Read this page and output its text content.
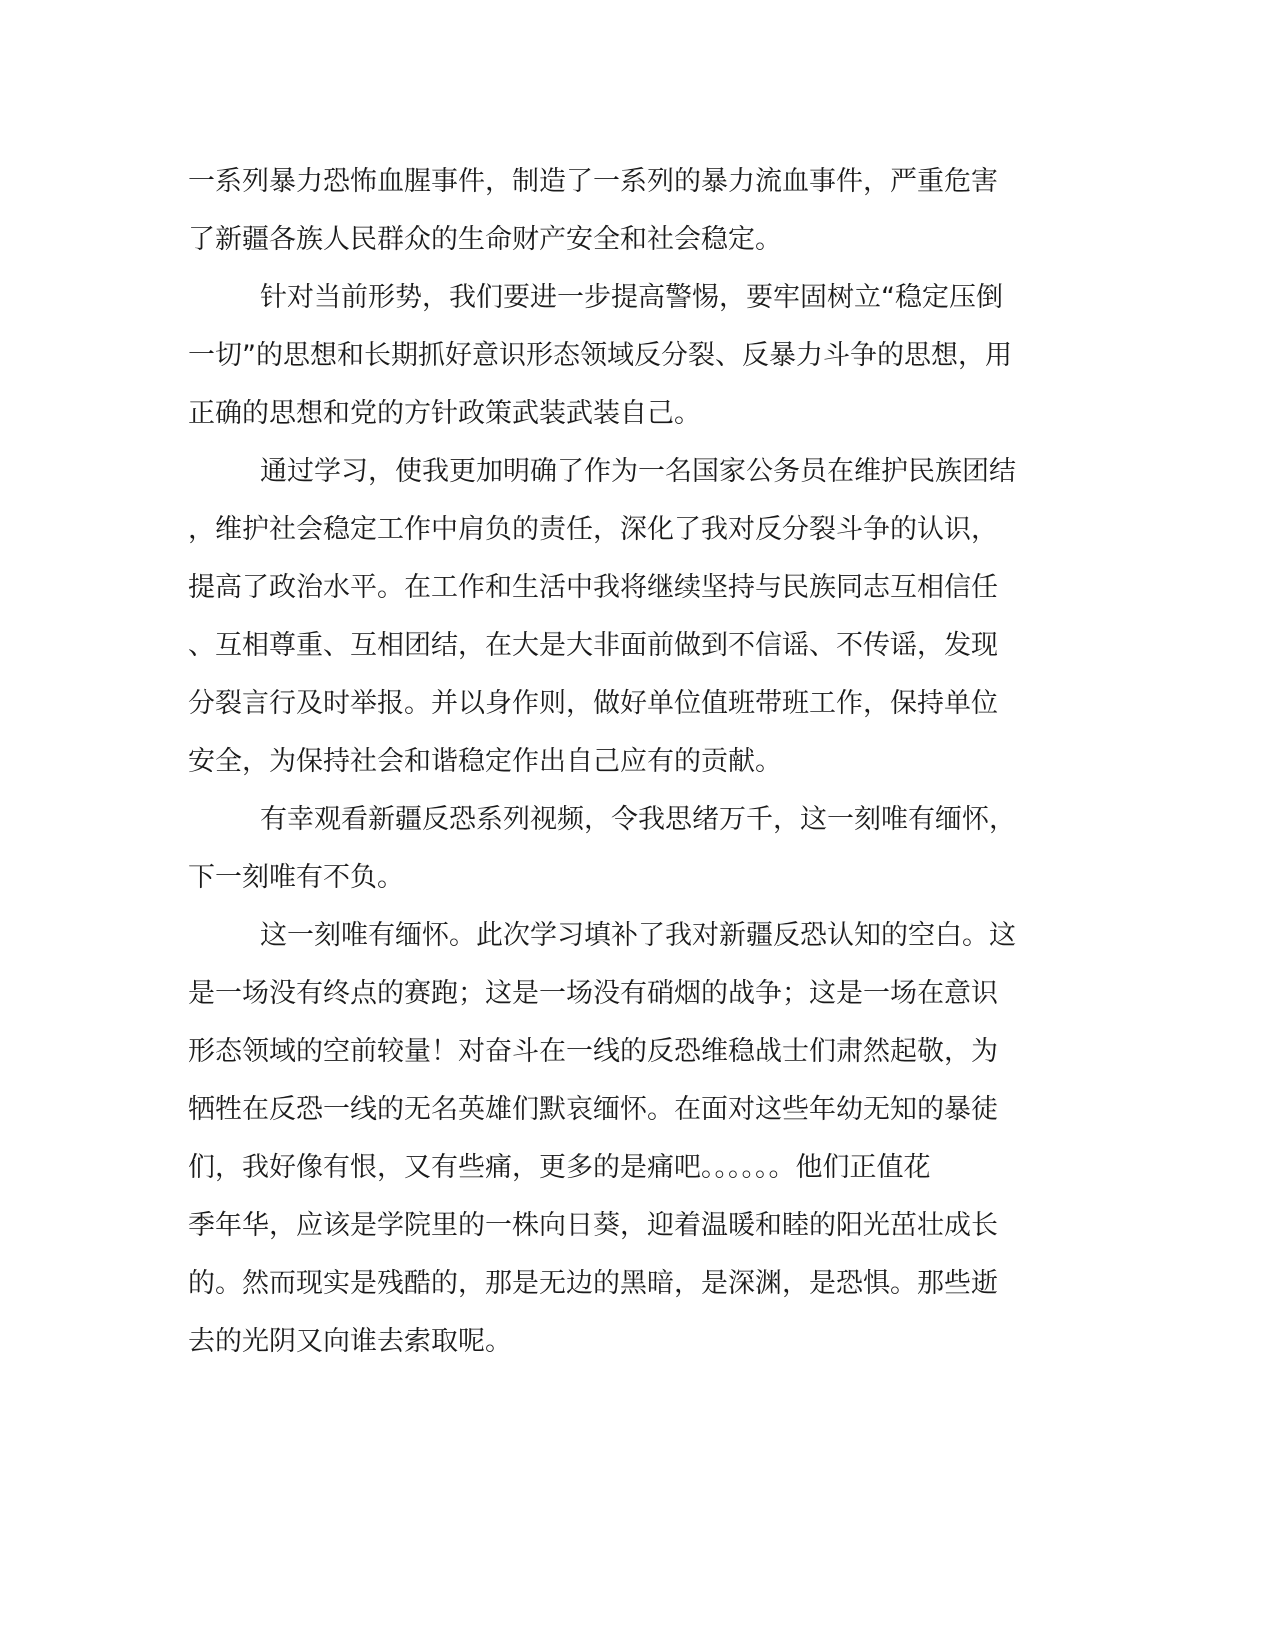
一系列暴力恐怖血腥事件，制造了一系列的暴力流血事件，严重危害
了新疆各族人民群众的生命财产安全和社会稳定。
针对当前形势，我们要进一步提高警惕，要牢固树立“稳定压倒
一切”的思想和长期抓好意识形态领域反分裂、反暴力斗争的思想，用
正确的思想和党的方针政策武装武装自己。
通过学习，使我更加明确了作为一名国家公务员在维护民族团结
，维护社会稳定工作中肩负的责任，深化了我对反分裂斗争的认识，
提高了政治水平。在工作和生活中我将继续坚持与民族同志互相信任
、互相尊重、互相团结，在大是大非面前做到不信谣、不传谣，发现
分裂言行及时举报。并以身作则，做好单位值班带班工作，保持单位
安全，为保持社会和谐稳定作出自己应有的贡献。
有幸观看新疆反恐系列视频，令我思绪万千，这一刻唯有缅怀，
下一刻唯有不负。
这一刻唯有缅怀。此次学习填补了我对新疆反恐认知的空白。这
是一场没有终点的赛跑；这是一场没有硝烟的战争；这是一场在意识
形态领域的空前较量！对奋斗在一线的反恐维稳战士们肃然起敬，为
牺牲在反恐一线的无名英雄们默哀缅怀。在面对这些年幼无知的暴徒
们，我好像有恨，又有些痛，更多的是痛吧。。。。。。他们正值花
季年华，应该是学院里的一株向日葵，迎着温暖和睦的阳光茁壮成长
的。然而现实是残酷的，那是无边的黑暗，是深渊，是恐惧。那些逝
去的光阴又向谁去索取呢。
